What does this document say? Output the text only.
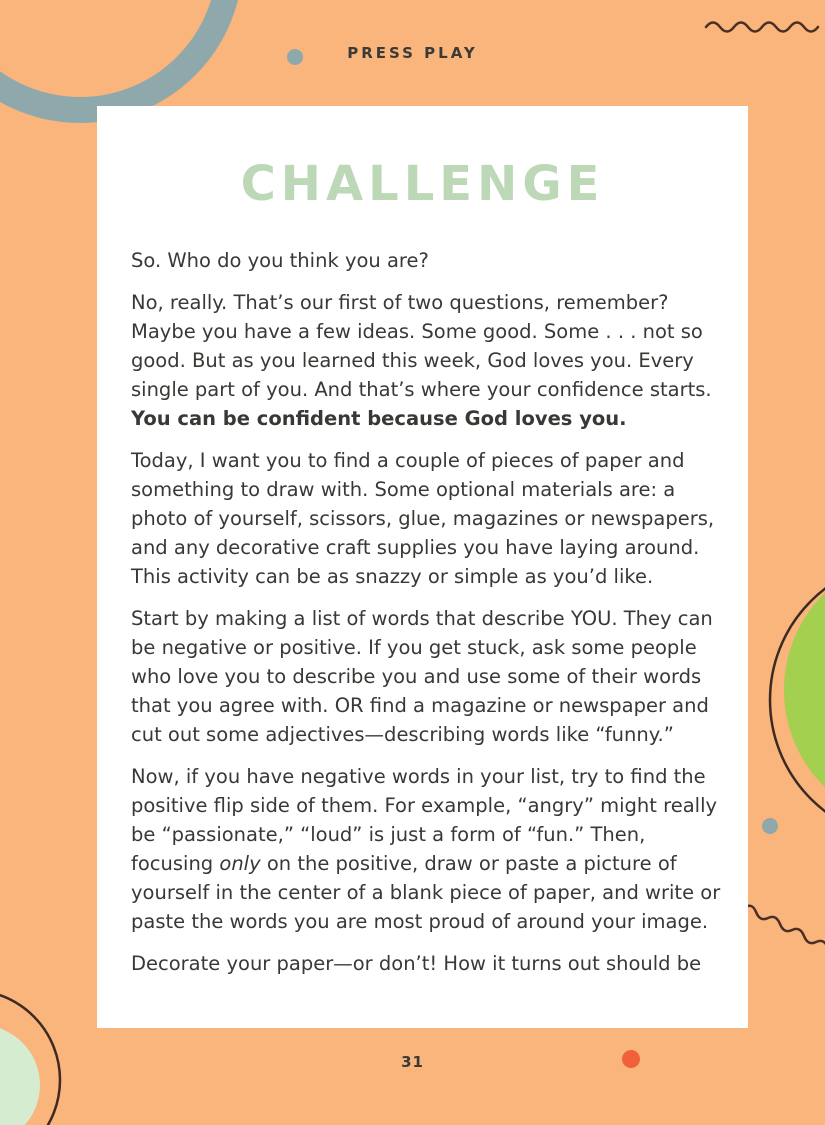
PRESS PLAY
CHALLENGE

So. Who do you think you are?

No, really. That’s our first of two questions, remember? Maybe you have a few ideas. Some good. Some . . . not so good. But as you learned this week, God loves you. Every single part of you. And that’s where your confidence starts. You can be confident because God loves you.

Today, I want you to find a couple of pieces of paper and something to draw with. Some optional materials are: a photo of yourself, scissors, glue, magazines or newspapers, and any decorative craft supplies you have laying around. This activity can be as snazzy or simple as you’d like.

Start by making a list of words that describe YOU. They can be negative or positive. If you get stuck, ask some people who love you to describe you and use some of their words that you agree with. OR find a magazine or newspaper and cut out some adjectives—describing words like “funny.”

Now, if you have negative words in your list, try to find the positive flip side of them. For example, “angry” might really be “passionate,” “loud” is just a form of “fun.” Then, focusing only on the positive, draw or paste a picture of yourself in the center of a blank piece of paper, and write or paste the words you are most proud of around your image.

Decorate your paper—or don’t! How it turns out should be

31
